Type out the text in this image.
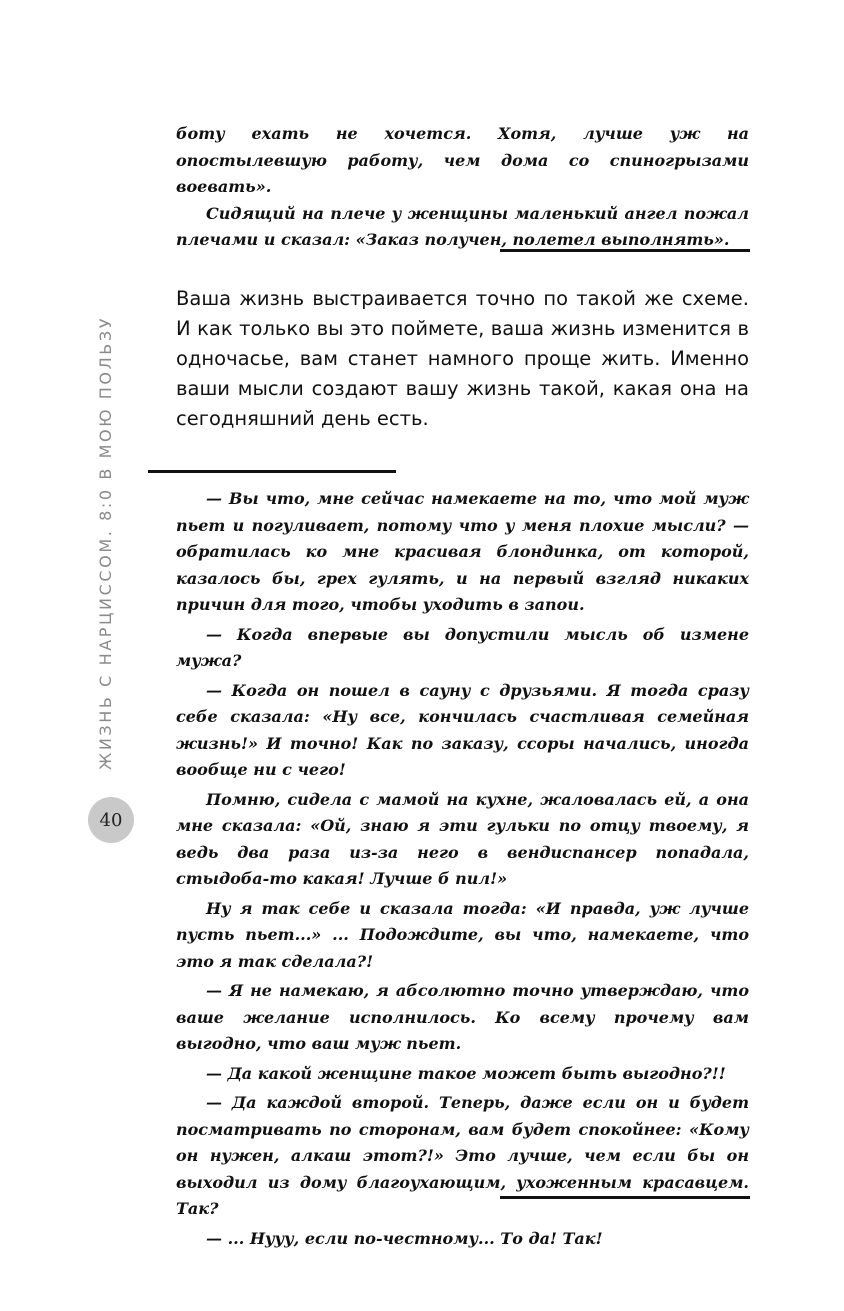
ЖИЗНЬ С НАРЦИССОМ. 8:0 В МОЮ ПОЛЬЗУ
40

боту ехать не хочется. Хотя, лучше уж на опостылевшую работу, чем дома со спиногрызами воевать».

Сидящий на плече у женщины маленький ангел пожал плечами и сказал: «Заказ получен, полетел выполнять».

Ваша жизнь выстраивается точно по такой же схеме. И как только вы это поймете, ваша жизнь изменится в одночасье, вам станет намного проще жить. Именно ваши мысли создают вашу жизнь такой, какая она на сегодняшний день есть.

— Вы что, мне сейчас намекаете на то, что мой муж пьет и погуливает, потому что у меня плохие мысли? — обратилась ко мне красивая блондинка, от которой, казалось бы, грех гулять, и на первый взгляд никаких причин для того, чтобы уходить в запои.

— Когда впервые вы допустили мысль об измене мужа?

— Когда он пошел в сауну с друзьями. Я тогда сразу себе сказала: «Ну все, кончилась счастливая семейная жизнь!» И точно! Как по заказу, ссоры начались, иногда вообще ни с чего!

Помню, сидела с мамой на кухне, жаловалась ей, а она мне сказала: «Ой, знаю я эти гульки по отцу твоему, я ведь два раза из-за него в вендиспансер попадала, стыдоба-то какая! Лучше б пил!»

Ну я так себе и сказала тогда: «И правда, уж лучше пусть пьет...» ... Подождите, вы что, намекаете, что это я так сделала?!

— Я не намекаю, я абсолютно точно утверждаю, что ваше желание исполнилось. Ко всему прочему вам выгодно, что ваш муж пьет.

— Да какой женщине такое может быть выгодно?!!

— Да каждой второй. Теперь, даже если он и будет посматривать по сторонам, вам будет спокойнее: «Кому он нужен, алкаш этот?!» Это лучше, чем если бы он выходил из дому благоухающим, ухоженным красавцем. Так?

— ... Нууу, если по-честному... То да! Так!
